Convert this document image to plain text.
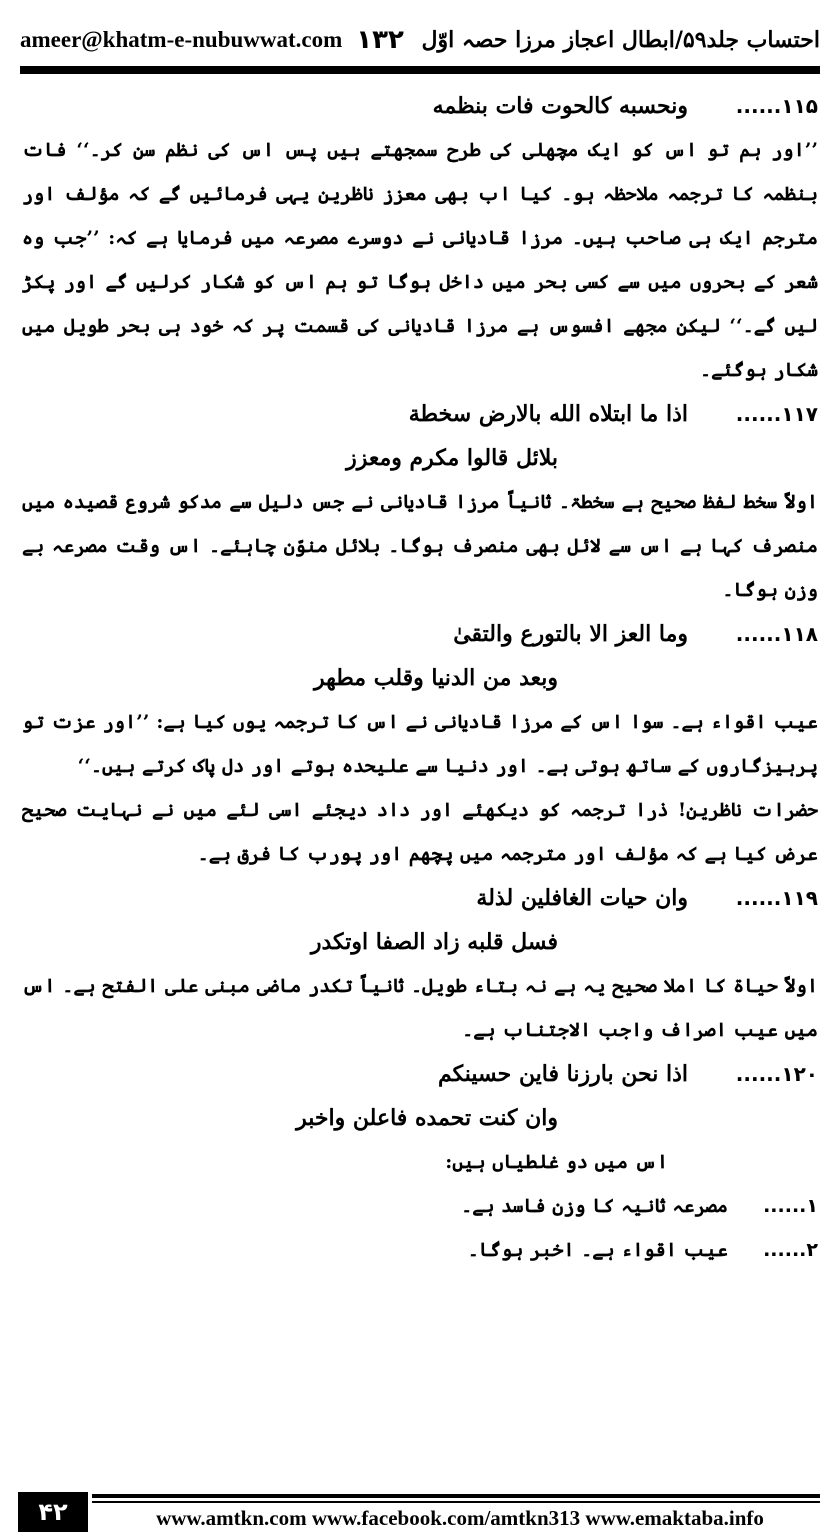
ameer@khatm-e-nubuwwat.com ۱۳۲ احتساب جلد۵۹/ابطال اعجاز مرزا حصہ اوّل
۱۱۵......
ونحسبه كالحوت فات بنظمه

’’اور ہم تو اس کو ایک مچھلی کی طرح سمجھتے ہیں پس اس کی نظم سن کر۔‘‘ فات بنظمہ کا ترجمہ ملاحظہ ہو۔ کیا اب بھی معزز ناظرین یہی فرمائیں گے کہ مؤلف اور مترجم ایک ہی صاحب ہیں۔ مرزا قادیانی نے دوسرے مصرعہ میں فرمایا ہے کہ: ’’جب وہ شعر کے بحروں میں سے کسی بحر میں داخل ہوگا تو ہم اس کو شکار کرلیں گے اور پکڑ لیں گے۔‘‘ لیکن مجھے افسوس ہے مرزا قادیانی کی قسمت پر کہ خود ہی بحر طویل میں شکار ہوگئے۔

۱۱۷......
اذا ما ابتلاه الله بالارض سخطة
بلائل قالوا مكرم ومعزز

اولاً سخط لفظ صحیح ہے سخطۃ۔ ثانیاً مرزا قادیانی نے جس دلیل سے مدکو شروع قصیدہ میں منصرف کہا ہے اس سے لائل بھی منصرف ہوگا۔ بلائل منوّن چاہئے۔ اس وقت مصرعہ بے وزن ہوگا۔

۱۱۸......
وما العز الا بالتورع والتقیٰ
وبعد من الدنيا وقلب مطهر

عیب اقواء ہے۔ سوا اس کے مرزا قادیانی نے اس کا ترجمہ یوں کیا ہے: ’’اور عزت تو پرہیزگاروں کے ساتھ ہوتی ہے۔ اور دنیا سے علیحدہ ہوتے اور دل پاک کرتے ہیں۔‘‘

حضرات ناظرین! ذرا ترجمہ کو دیکھئے اور داد دیجئے اسی لئے میں نے نہایت صحیح عرض کیا ہے کہ مؤلف اور مترجمہ میں پچھم اور پورب کا فرق ہے۔

۱۱۹......
وان حيات الغافلين لذلة
فسل قلبه زاد الصفا اوتكدر

اولاً حیاۃ کا املا صحیح یہ ہے نہ بتاء طویل۔ ثانیاً تکدر ماضی مبنی علی الفتح ہے۔ اس میں عیب اصراف واجب الاجتناب ہے۔

۱۲۰......
اذا نحن بارزنا فاين حسينكم
وان كنت تحمده فاعلن واخبر

اس میں دو غلطیاں ہیں:

۱......
مصرعہ ثانیہ کا وزن فاسد ہے۔
۲......
عیب اقواء ہے۔ اخبر ہوگا۔
۴۲	www.amtkn.com www.facebook.com/amtkn313 www.emaktaba.info
